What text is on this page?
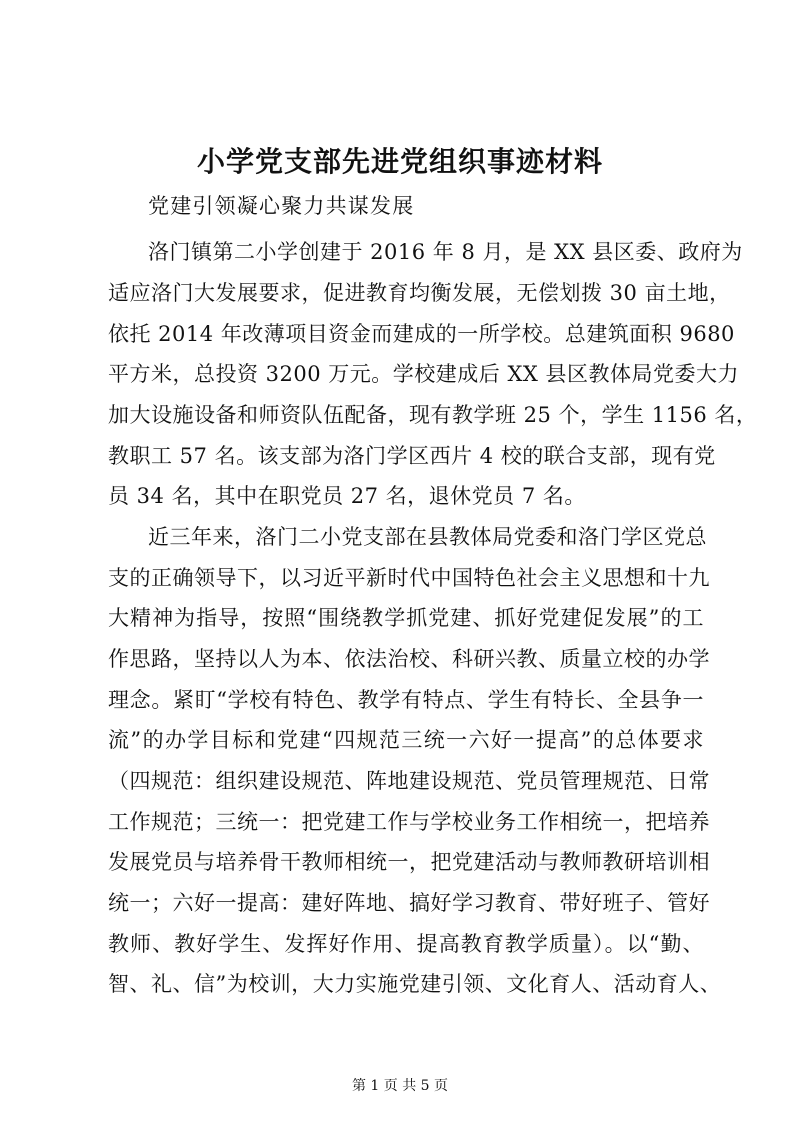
小学党支部先进党组织事迹材料

党建引领凝心聚力共谋发展

洛门镇第二小学创建于 2016 年 8 月，是 XX 县区委、政府为

适应洛门大发展要求，促进教育均衡发展，无偿划拨 30 亩土地，

依托 2014 年改薄项目资金而建成的一所学校。总建筑面积 9680

平方米，总投资 3200 万元。学校建成后 XX 县区教体局党委大力

加大设施设备和师资队伍配备，现有教学班 25 个，学生 1156 名，

教职工 57 名。该支部为洛门学区西片 4 校的联合支部，现有党

员 34 名，其中在职党员 27 名，退休党员 7 名。

近三年来，洛门二小党支部在县教体局党委和洛门学区党总

支的正确领导下，以习近平新时代中国特色社会主义思想和十九

大精神为指导，按照“围绕教学抓党建、抓好党建促发展”的工

作思路，坚持以人为本、依法治校、科研兴教、质量立校的办学

理念。紧盯“学校有特色、教学有特点、学生有特长、全县争一

流”的办学目标和党建“四规范三统一六好一提高”的总体要求

（四规范：组织建设规范、阵地建设规范、党员管理规范、日常

工作规范；三统一：把党建工作与学校业务工作相统一，把培养

发展党员与培养骨干教师相统一，把党建活动与教师教研培训相

统一；六好一提高：建好阵地、搞好学习教育、带好班子、管好

教师、教好学生、发挥好作用、提高教育教学质量）。以“勤、

智、礼、信”为校训，大力实施党建引领、文化育人、活动育人、

第 1 页 共 5 页
